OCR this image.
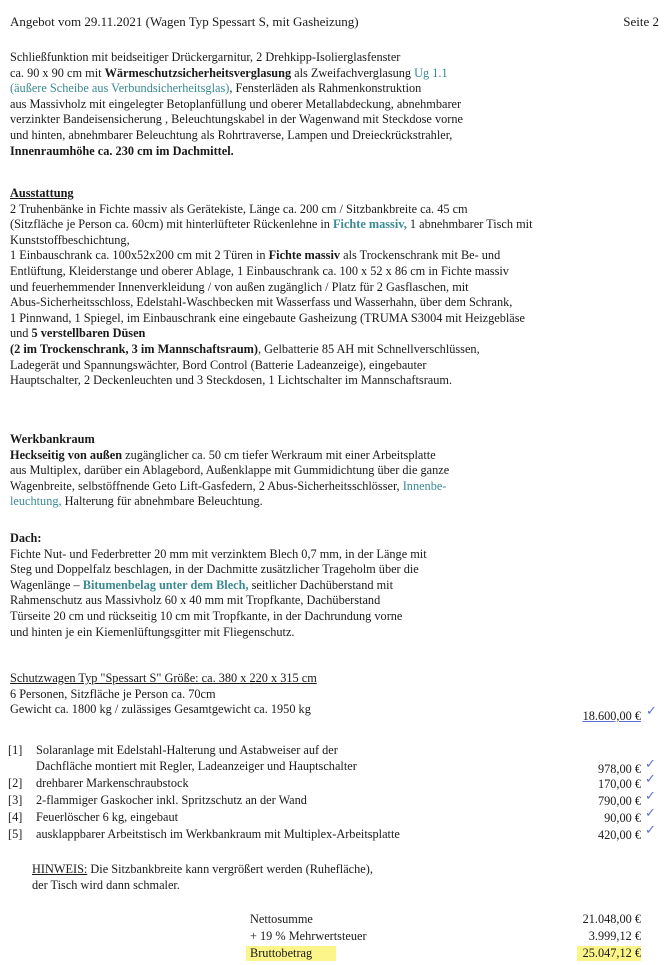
Angebot vom 29.11.2021 (Wagen Typ Spessart S, mit Gasheizung)	Seite 2
Schließfunktion mit beidseitiger Drückergarnitur, 2 Drehkipp-Isolierglasfenster
ca. 90 x 90 cm mit Wärmeschutzsicherheitsverglasung als Zweifachverglasung Ug 1.1
(äußere Scheibe aus Verbundsicherheitsglas), Fensterläden als Rahmenkonstruktion
aus Massivholz mit eingelegter Betoplanfüllung und oberer Metallabdeckung, abnehmbarer
verzinkter Bandeisensicherung , Beleuchtungskabel in der Wagenwand mit Steckdose vorne
und hinten, abnehmbarer Beleuchtung als Rohrtraverse, Lampen und Dreieckrückstrahler,
Innenraumhöhe ca. 230 cm im Dachmittel.
Ausstattung
2 Truhenbänke in Fichte massiv als Gerätekiste, Länge ca. 200 cm / Sitzbankbreite ca. 45 cm
(Sitzfläche je Person ca. 60cm) mit hinterlüfteter Rückenlehne in Fichte massiv, 1 abnehmbarer Tisch mit
Kunststoffbeschichtung,
1 Einbauschrank ca. 100x52x200 cm mit 2 Türen in Fichte massiv als Trockenschrank mit Be- und
Entlüftung, Kleiderstange und oberer Ablage, 1 Einbauschrank ca. 100 x 52 x 86 cm in Fichte massiv
und feuerhemmender Innenverkleidung / von außen zugänglich / Platz für 2 Gasflaschen, mit
Abus-Sicherheitsschloss, Edelstahl-Waschbecken mit Wasserfass und Wasserhahn, über dem Schrank,
1 Pinnwand, 1 Spiegel, im Einbauschrank eine eingebaute Gasheizung (TRUMA S3004 mit Heizgebläse
und 5 verstellbaren Düsen
(2 im Trockenschrank, 3 im Mannschaftsraum), Gelbatterie 85 AH mit Schnellverschlüssen,
Ladegerät und Spannungswächter, Bord Control (Batterie Ladeanzeige), eingebauter
Hauptschalter, 2 Deckenleuchten und 3 Steckdosen, 1 Lichtschalter im Mannschaftsraum.
Werkbankraum
Heckseitig von außen zugänglicher ca. 50 cm tiefer Werkraum mit einer Arbeitsplatte
aus Multiplex, darüber ein Ablagebord, Außenklappe mit Gummidichtung über die ganze
Wagenbreite, selbstöffnende Geto Lift-Gasfedern, 2 Abus-Sicherheitsschlösser, Innenbe-
leuchtung, Halterung für abnehmbare Beleuchtung.
Dach:
Fichte Nut- und Federbretter 20 mm mit verzinktem Blech 0,7 mm, in der Länge mit
Steg und Doppelfalz beschlagen, in der Dachmitte zusätzlicher Trageholm über die
Wagenlänge – Bitumenbelag unter dem Blech, seitlicher Dachüberstand mit
Rahmenschutz aus Massivholz 60 x 40 mm mit Tropfkante, Dachüberstand
Türseite 20 cm und rückseitig 10 cm mit Tropfkante, in der Dachrundung vorne
und hinten je ein Kiemenlüftungsgitter mit Fliegenschutz.
Schutzwagen Typ "Spessart S" Größe: ca. 380 x 220 x 315 cm
6 Personen, Sitzfläche je Person ca. 70cm
Gewicht ca. 1800 kg / zulässiges Gesamtgewicht ca. 1950 kg	18.600,00 € ✓
[1] Solaranlage mit Edelstahl-Halterung und Astabweiser auf der
Dachfläche montiert mit Regler, Ladeanzeiger und Hauptschalter	978,00 € ✓
[2] drehbarer Markenschraubstock	170,00 € ✓
[3] 2-flammiger Gaskocher inkl. Spritzschutz an der Wand	790,00 € ✓
[4] Feuerlöscher 6 kg, eingebaut	90,00 € ✓
[5] ausklappbarer Arbeitstisch im Werkbankraum mit Multiplex-Arbeitsplatte	420,00 € ✓
HINWEIS: Die Sitzbankbreite kann vergrößert werden (Ruhefläche),
der Tisch wird dann schmaler.
Nettosumme	21.048,00 €
+ 19 % Mehrwertsteuer	3.999,12 €
Bruttobetrag	25.047,12 €
